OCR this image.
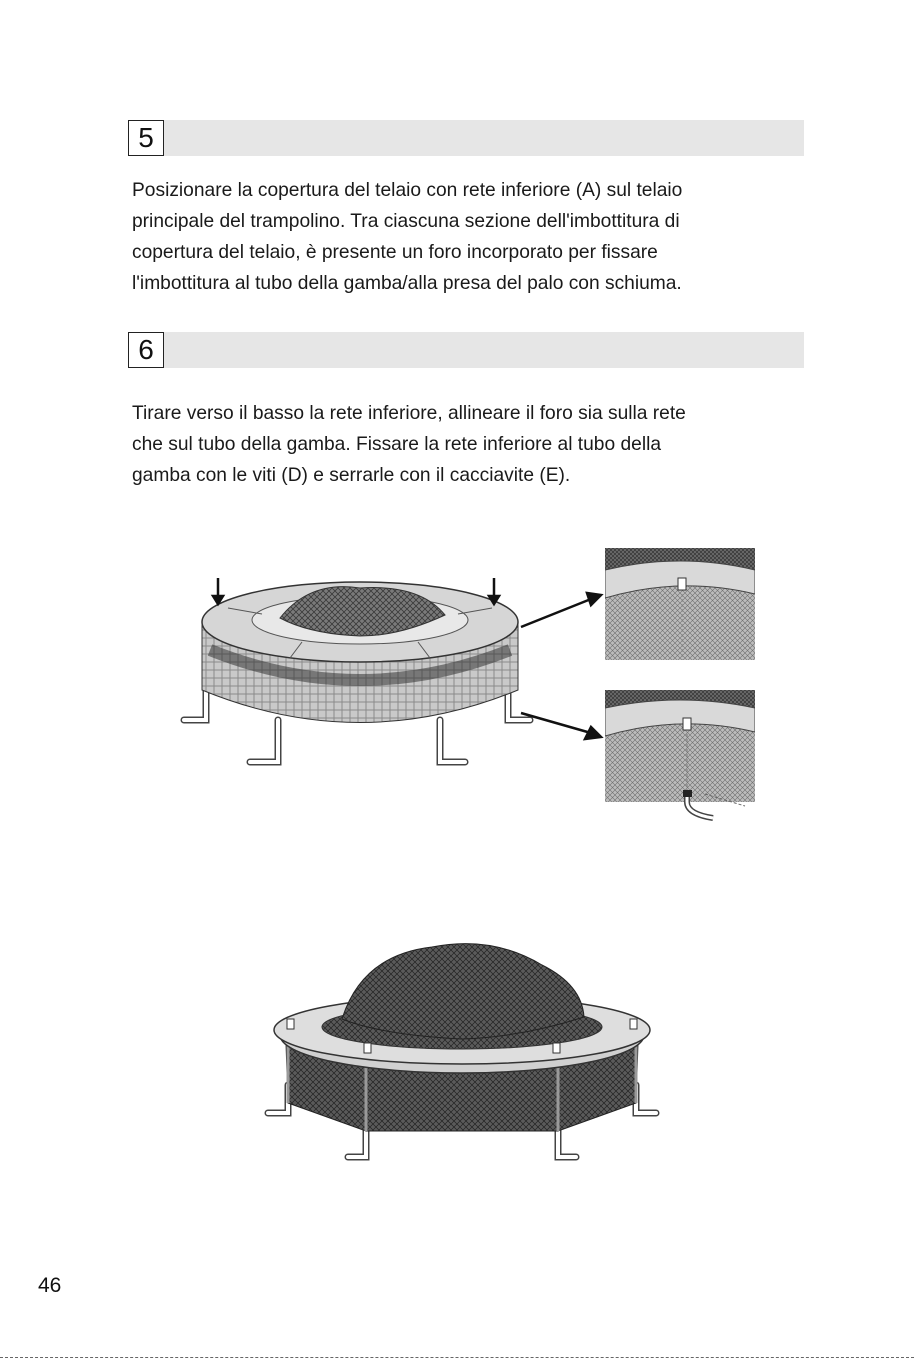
5
Posizionare la copertura del telaio con rete inferiore (A) sul telaio
principale del trampolino. Tra ciascuna sezione dell'imbottitura di
copertura del telaio, è presente un foro incorporato per fissare
l'imbottitura al tubo della gamba/alla presa del palo con schiuma.
6
Tirare verso il basso la rete inferiore, allineare il foro sia sulla rete
che sul tubo della gamba. Fissare la rete inferiore al tubo della
gamba con le viti (D) e serrarle con il cacciavite (E).
46
